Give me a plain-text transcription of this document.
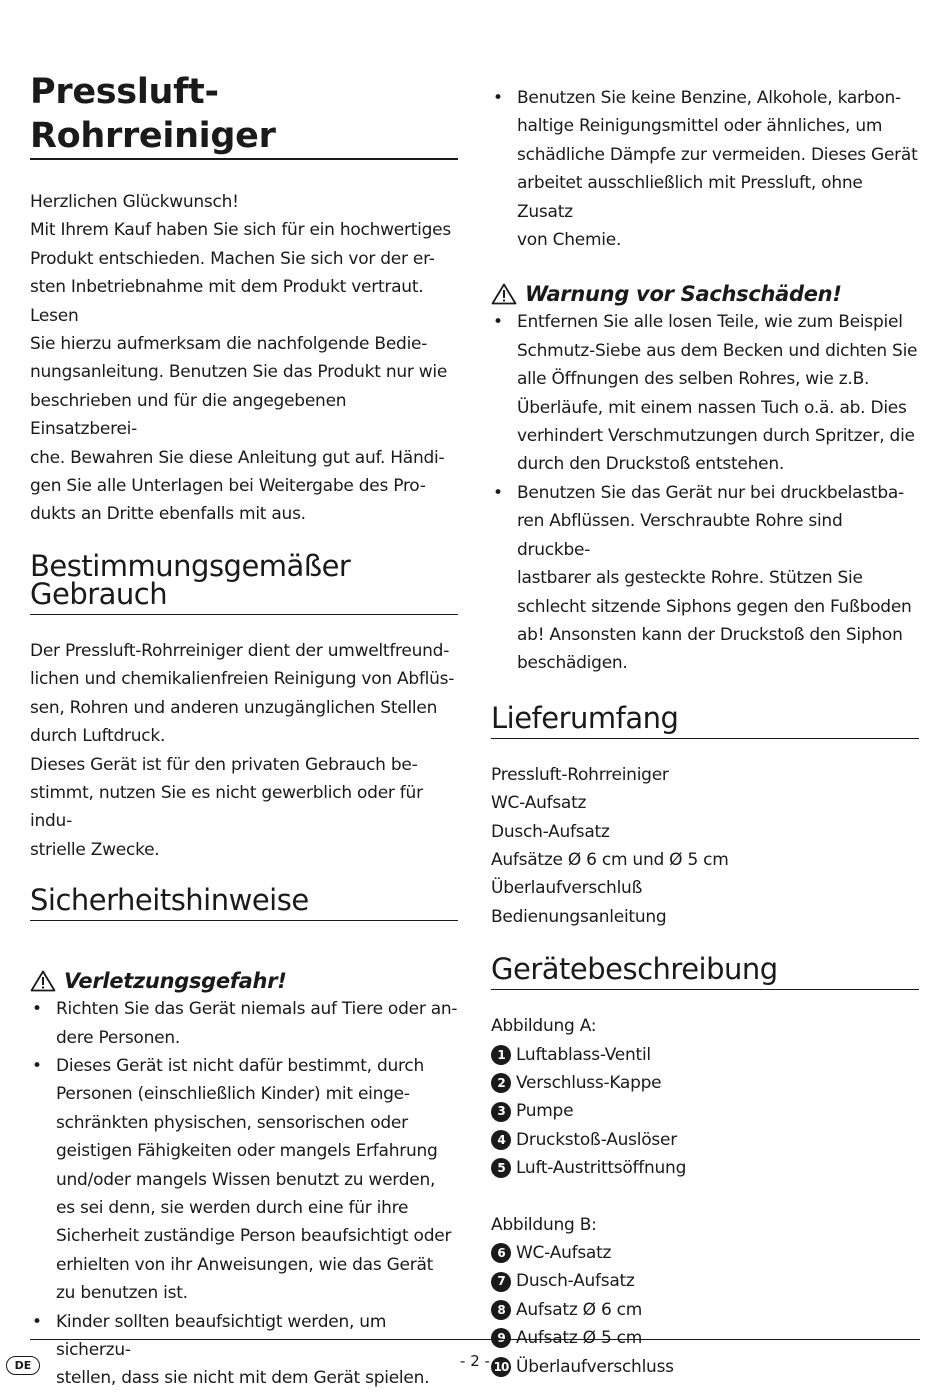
Pressluft-Rohrreiniger

Herzlichen Glückwunsch!

Mit Ihrem Kauf haben Sie sich für ein hochwertiges

Produkt entschieden. Machen Sie sich vor der er-

sten Inbetriebnahme mit dem Produkt vertraut. Lesen

Sie hierzu aufmerksam die nachfolgende Bedie-

nungsanleitung. Benutzen Sie das Produkt nur wie

beschrieben und für die angegebenen Einsatzberei-

che. Bewahren Sie diese Anleitung gut auf. Händi-

gen Sie alle Unterlagen bei Weitergabe des Pro-

dukts an Dritte ebenfalls mit aus.

Bestimmungsgemäßer
Gebrauch

Der Pressluft-Rohrreiniger dient der umweltfreund-

lichen und chemikalienfreien Reinigung von Abflüs-

sen, Rohren und anderen unzugänglichen Stellen

durch Luftdruck.

Dieses Gerät ist für den privaten Gebrauch be-

stimmt, nutzen Sie es nicht gewerblich oder für indu-

strielle Zwecke.

Sicherheitshinweise
Verletzungsgefahr!
• Richten Sie das Gerät niemals auf Tiere oder an-
dere Personen.
• Dieses Gerät ist nicht dafür bestimmt, durch
Personen (einschließlich Kinder) mit einge-
schränkten physischen, sensorischen oder
geistigen Fähigkeiten oder mangels Erfahrung
und/oder mangels Wissen benutzt zu werden,
es sei denn, sie werden durch eine für ihre
Sicherheit zuständige Person beaufsichtigt oder
erhielten von ihr Anweisungen, wie das Gerät
zu benutzen ist.
• Kinder sollten beaufsichtigt werden, um sicherzu-
stellen, dass sie nicht mit dem Gerät spielen.
• Benutzen Sie keine Benzine, Alkohole, karbon-
haltige Reinigungsmittel oder ähnliches, um
schädliche Dämpfe zur vermeiden. Dieses Gerät
arbeitet ausschließlich mit Pressluft, ohne Zusatz
von Chemie.
Warnung vor Sachschäden!
• Entfernen Sie alle losen Teile, wie zum Beispiel
Schmutz-Siebe aus dem Becken und dichten Sie
alle Öffnungen des selben Rohres, wie z.B.
Überläufe, mit einem nassen Tuch o.ä. ab. Dies
verhindert Verschmutzungen durch Spritzer, die
durch den Druckstoß entstehen.
• Benutzen Sie das Gerät nur bei druckbelastba-
ren Abflüssen. Verschraubte Rohre sind druckbe-
lastbarer als gesteckte Rohre. Stützen Sie
schlecht sitzende Siphons gegen den Fußboden
ab! Ansonsten kann der Druckstoß den Siphon
beschädigen.
Lieferumfang

Pressluft-Rohrreiniger

WC-Aufsatz

Dusch-Aufsatz

Aufsätze Ø 6 cm und Ø 5 cm

Überlaufverschluß

Bedienungsanleitung

Gerätebeschreibung

Abbildung A:

1 Luftablass-Ventil
2 Verschluss-Kappe
3 Pumpe
4 Druckstoß-Auslöser
5 Luft-Austrittsöffnung

Abbildung B:

6 WC-Aufsatz
7 Dusch-Aufsatz
8 Aufsatz Ø 6 cm
9 Aufsatz Ø 5 cm
10 Überlaufverschluss
DE	- 2 -
